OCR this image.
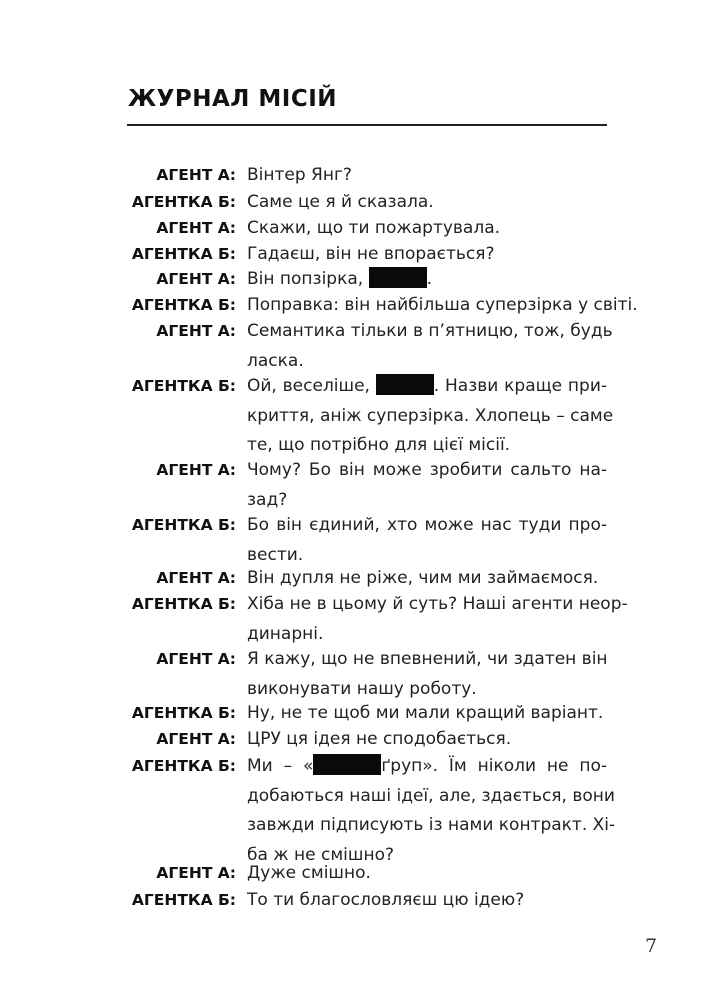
ЖУРНАЛ МІСІЙ
АГЕНТ А: Вінтер Янг?
АГЕНТКА Б: Саме це я й сказала.
АГЕНТ А: Скажи, що ти пожартувала.
АГЕНТКА Б: Гадаєш, він не впорається?
АГЕНТ А: Він попзірка,	.
АГЕНТКА Б: Поправка: він найбільша суперзірка у світі.
АГЕНТ А: Семантика тільки в п’ятницю, тож, будь
ласка.
АГЕНТКА Б: Ой, веселіше,	. Назви краще при-
криття, аніж суперзірка. Хлопець – саме
те, що потрібно для цієї місії.
АГЕНТ А: Чому? Бо він може зробити сальто на-
зад?
АГЕНТКА Б: Бо він єдиний, хто може нас туди про-
вести.
АГЕНТ А: Він дупля не ріже, чим ми займаємося.
АГЕНТКА Б: Хіба не в цьому й суть? Наші агенти неор-
динарні.
АГЕНТ А: Я кажу, що не впевнений, чи здатен він
виконувати нашу роботу.
АГЕНТКА Б: Ну, не те щоб ми мали кращий варіант.
АГЕНТ А: ЦРУ ця ідея не сподобається.
АГЕНТКА Б: Ми – «	ґруп». Їм ніколи не по-
добаються наші ідеї, але, здається, вони
завжди підписують із нами контракт. Хі-
ба ж не смішно?
АГЕНТ А: Дуже смішно.
АГЕНТКА Б: То ти благословляєш цю ідею?
7
